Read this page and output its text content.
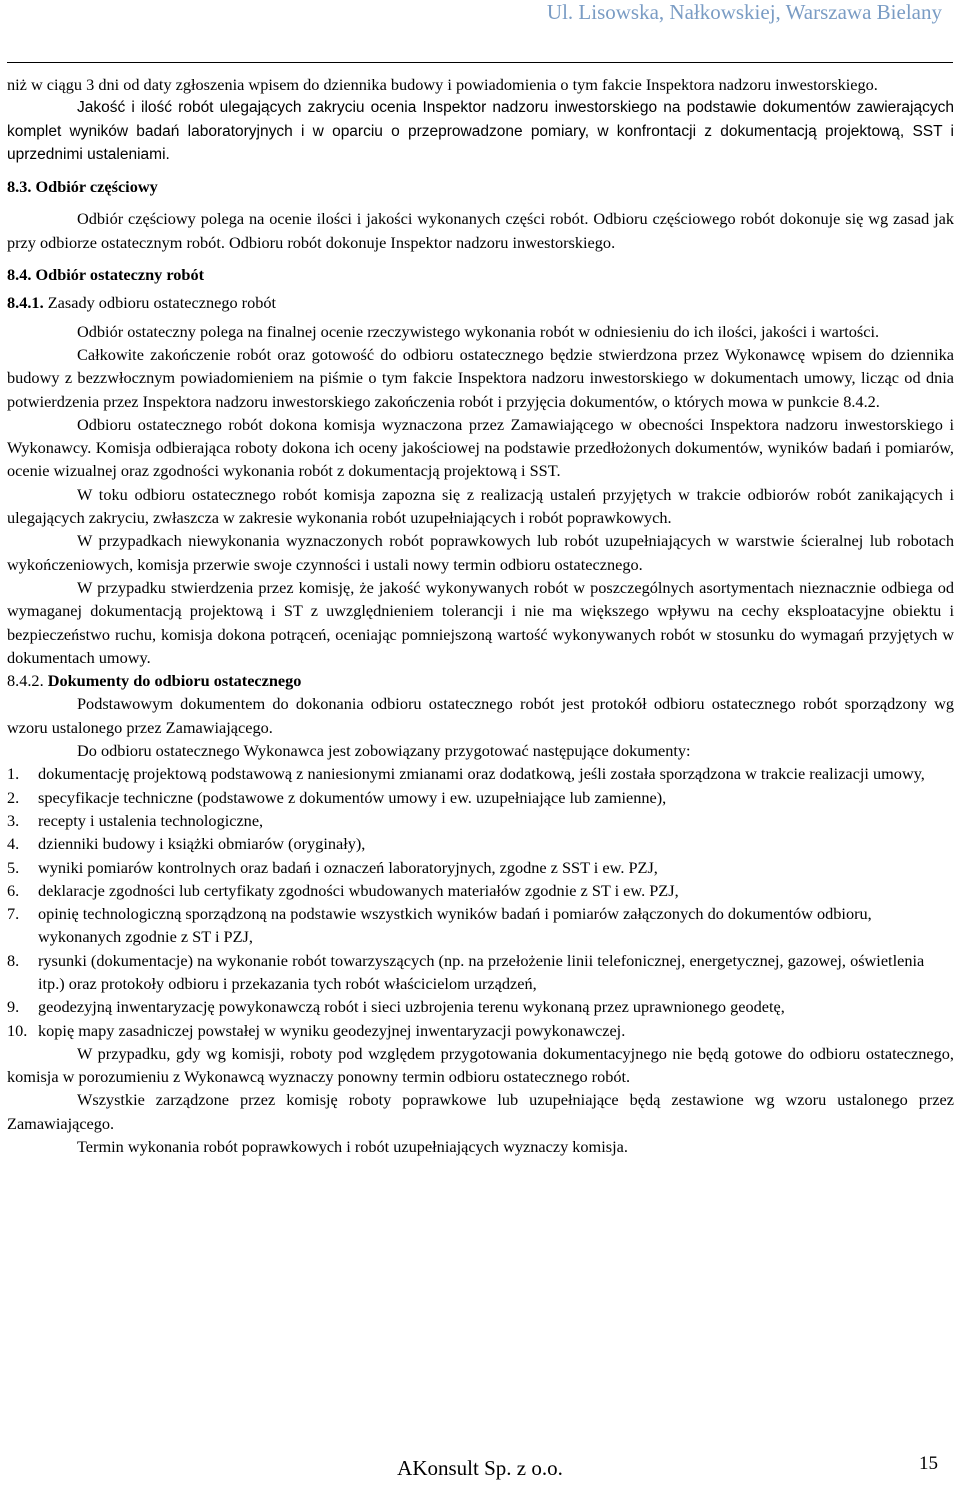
Ul. Lisowska, Nałkowskiej, Warszawa Bielany

niż w ciągu 3 dni od daty zgłoszenia wpisem do dziennika budowy i powiadomienia o tym fakcie Inspektora nadzoru inwestorskiego.

Jakość i ilość robót ulegających zakryciu ocenia Inspektor nadzoru inwestorskiego na podstawie dokumentów zawierających komplet wyników badań laboratoryjnych i w oparciu o przeprowadzone pomiary, w konfrontacji z dokumentacją projektową, SST i uprzednimi ustaleniami.

8.3. Odbiór częściowy

Odbiór częściowy polega na ocenie ilości i jakości wykonanych części robót. Odbioru częściowego robót dokonuje się wg zasad jak przy odbiorze ostatecznym robót. Odbioru robót dokonuje Inspektor nadzoru inwestorskiego.

8.4. Odbiór ostateczny robót

8.4.1. Zasady odbioru ostatecznego robót

Odbiór ostateczny polega na finalnej ocenie rzeczywistego wykonania robót w odniesieniu do ich ilości, jakości i wartości.

Całkowite zakończenie robót oraz gotowość do odbioru ostatecznego będzie stwierdzona przez Wykonawcę wpisem do dziennika budowy z bezzwłocznym powiadomieniem na piśmie o tym fakcie Inspektora nadzoru inwestorskiego w dokumentach umowy, licząc od dnia potwierdzenia przez Inspektora nadzoru inwestorskiego zakończenia robót i przyjęcia dokumentów, o których mowa w punkcie 8.4.2.

Odbioru ostatecznego robót dokona komisja wyznaczona przez Zamawiającego w obecności Inspektora nadzoru inwestorskiego i Wykonawcy. Komisja odbierająca roboty dokona ich oceny jakościowej na podstawie przedłożonych dokumentów, wyników badań i pomiarów, ocenie wizualnej oraz zgodności wykonania robót z dokumentacją projektową i SST.

W toku odbioru ostatecznego robót komisja zapozna się z realizacją ustaleń przyjętych w trakcie odbiorów robót zanikających i ulegających zakryciu, zwłaszcza w zakresie wykonania robót uzupełniających i robót poprawkowych.

W przypadkach niewykonania wyznaczonych robót poprawkowych lub robót uzupełniających w warstwie ścieralnej lub robotach wykończeniowych, komisja przerwie swoje czynności i ustali nowy termin odbioru ostatecznego.

W przypadku stwierdzenia przez komisję, że jakość wykonywanych robót w poszczególnych asortymentach nieznacznie odbiega od wymaganej dokumentacją projektową i ST z uwzględnieniem tolerancji i nie ma większego wpływu na cechy eksploatacyjne obiektu i bezpieczeństwo ruchu, komisja dokona potrąceń, oceniając pomniejszoną wartość wykonywanych robót w stosunku do wymagań przyjętych w dokumentach umowy.

8.4.2. Dokumenty do odbioru ostatecznego

Podstawowym dokumentem do dokonania odbioru ostatecznego robót jest protokół odbioru ostatecznego robót sporządzony wg wzoru ustalonego przez Zamawiającego.

Do odbioru ostatecznego Wykonawca jest zobowiązany przygotować następujące dokumenty:

1. dokumentację projektową podstawową z naniesionymi zmianami oraz dodatkową, jeśli została sporządzona w trakcie realizacji umowy,
2. specyfikacje techniczne (podstawowe z dokumentów umowy i ew. uzupełniające lub zamienne),
3. recepty i ustalenia technologiczne,
4. dzienniki budowy i książki obmiarów (oryginały),
5. wyniki pomiarów kontrolnych oraz badań i oznaczeń laboratoryjnych, zgodne z SST i ew. PZJ,
6. deklaracje zgodności lub certyfikaty zgodności wbudowanych materiałów zgodnie z ST i ew. PZJ,
7. opinię technologiczną sporządzoną na podstawie wszystkich wyników badań i pomiarów załączonych do dokumentów odbioru, wykonanych zgodnie z ST i PZJ,
8. rysunki (dokumentacje) na wykonanie robót towarzyszących (np. na przełożenie linii telefonicznej, energetycznej, gazowej, oświetlenia itp.) oraz protokoły odbioru i przekazania tych robót właścicielom urządzeń,
9. geodezyjną inwentaryzację powykonawczą robót i sieci uzbrojenia terenu wykonaną przez uprawnionego geodetę,
10. kopię mapy zasadniczej powstałej w wyniku geodezyjnej inwentaryzacji powykonawczej.

W przypadku, gdy wg komisji, roboty pod względem przygotowania dokumentacyjnego nie będą gotowe do odbioru ostatecznego, komisja w porozumieniu z Wykonawcą wyznaczy ponowny termin odbioru ostatecznego robót.

Wszystkie zarządzone przez komisję roboty poprawkowe lub uzupełniające będą zestawione wg wzoru ustalonego przez Zamawiającego.

Termin wykonania robót poprawkowych i robót uzupełniających wyznaczy komisja.

AKonsult Sp. z o.o.	15
